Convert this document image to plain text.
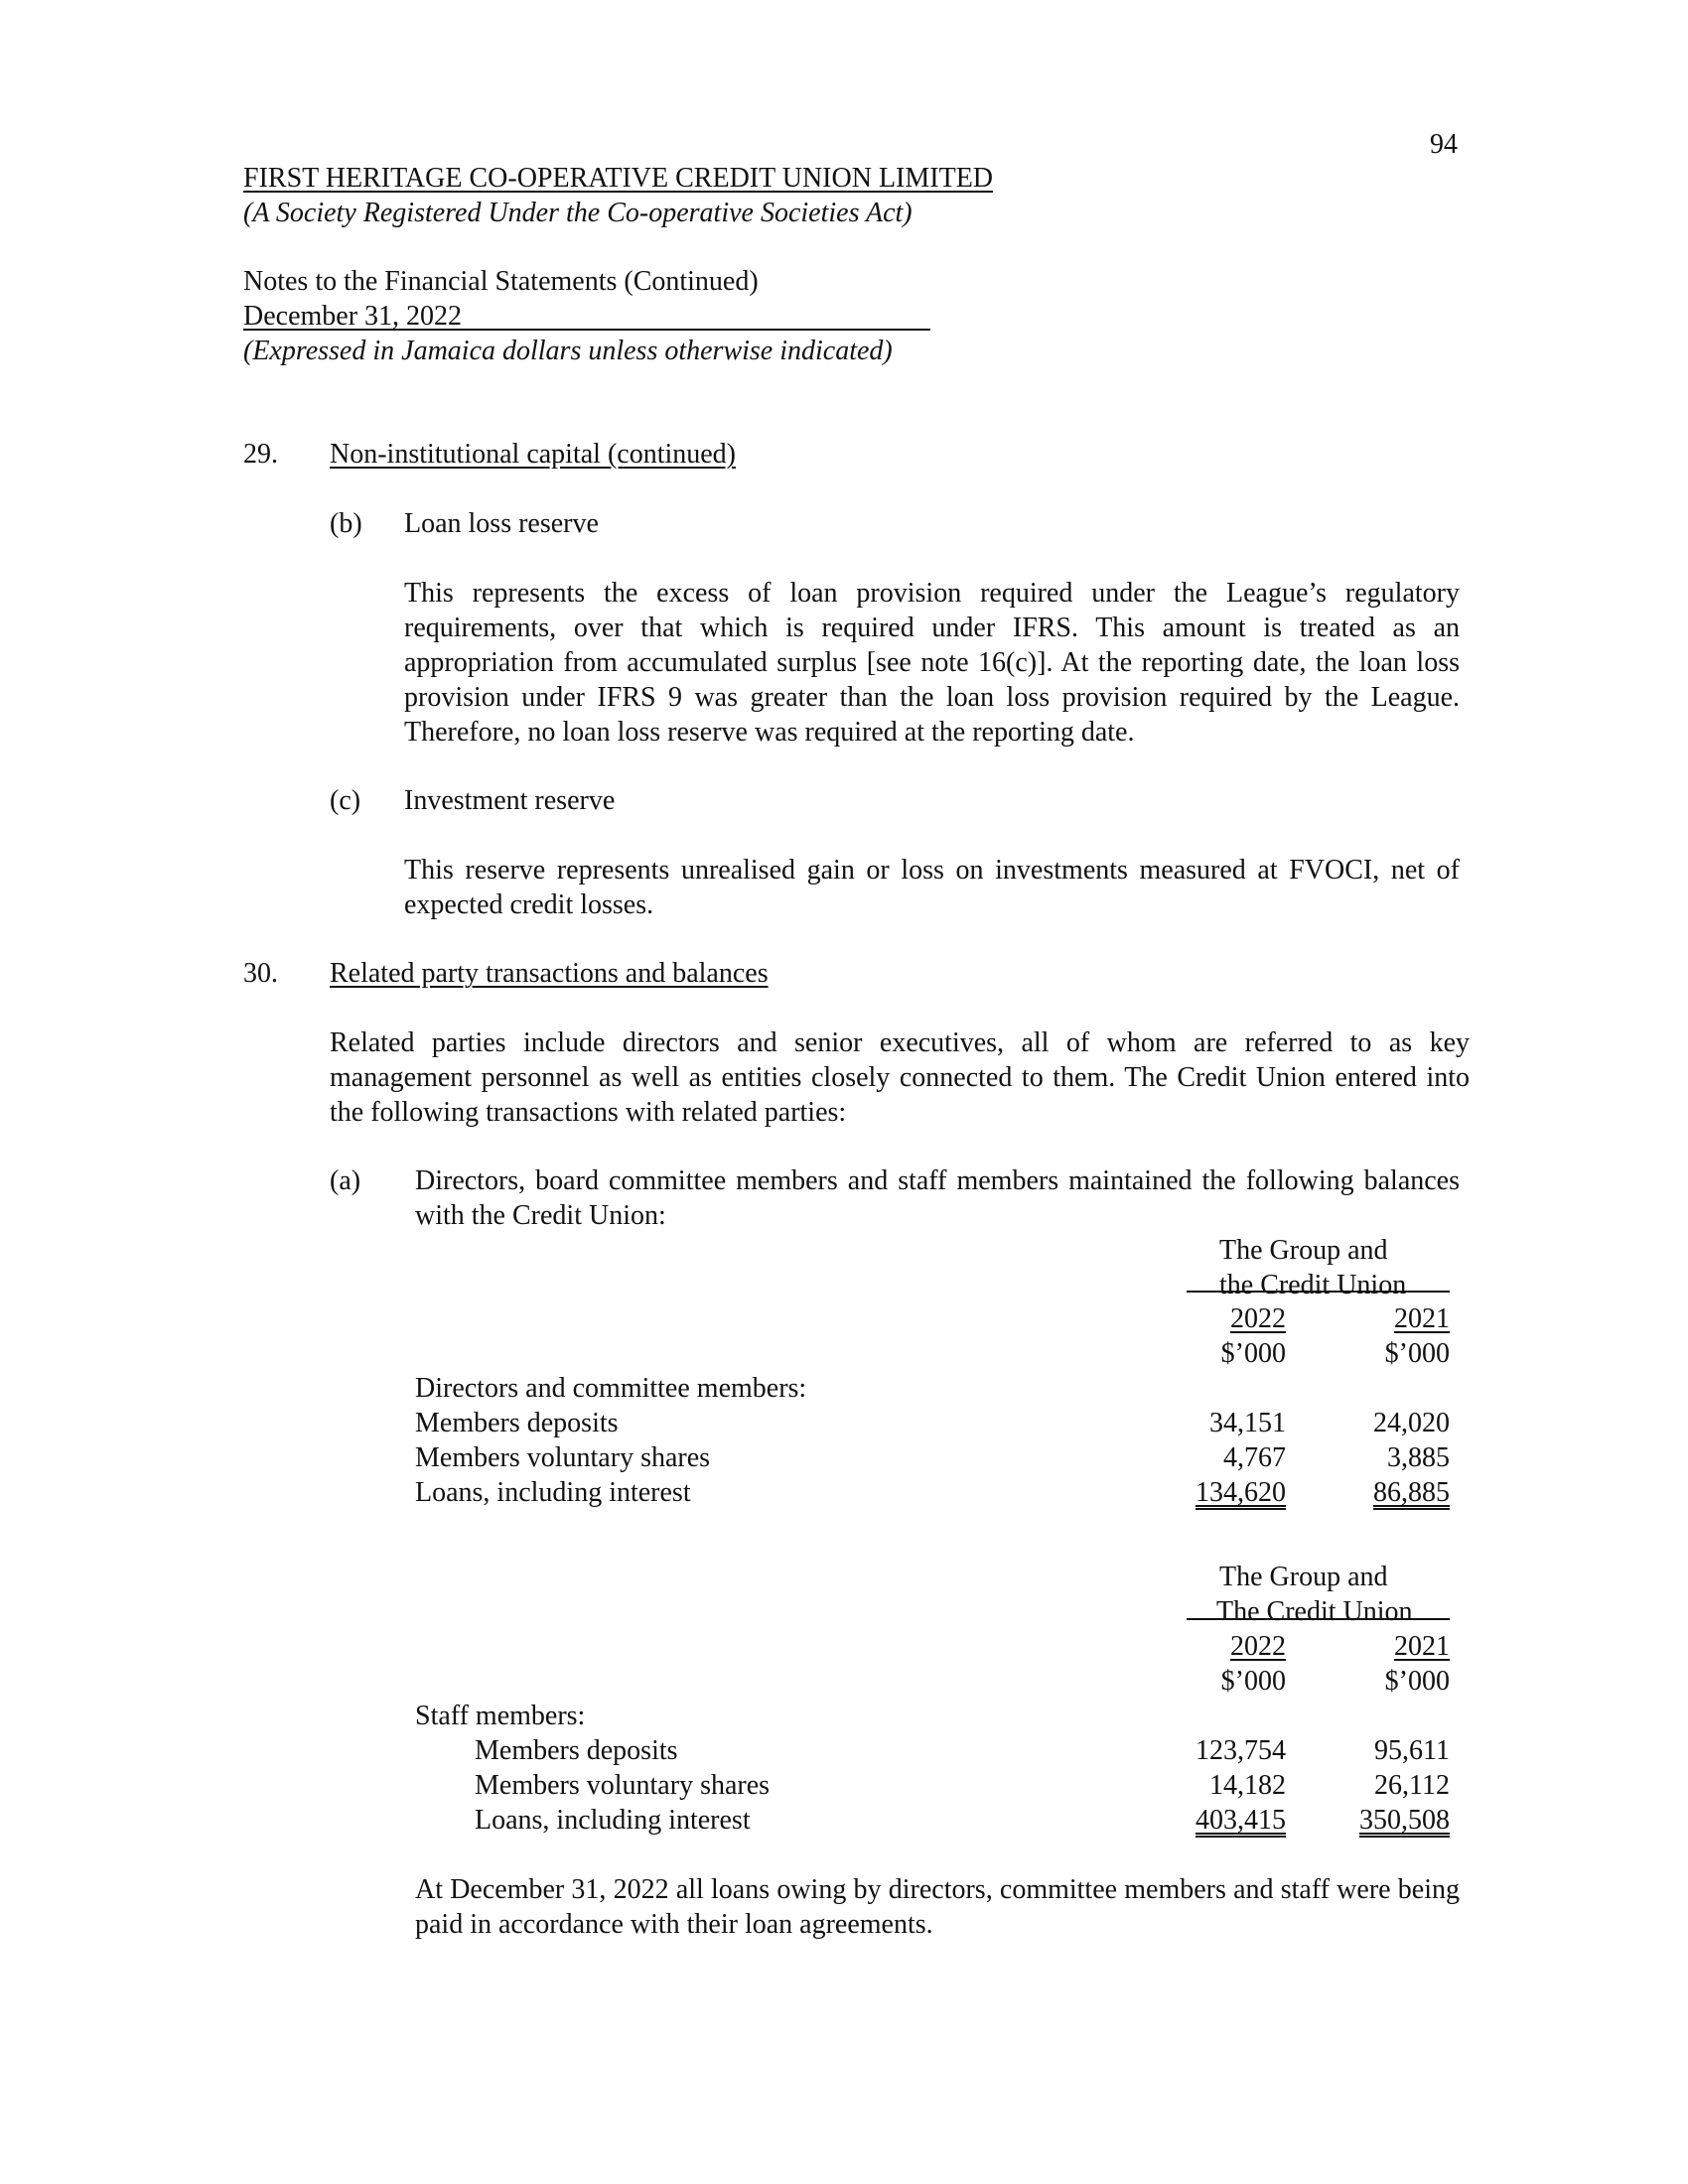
94
FIRST HERITAGE CO-OPERATIVE CREDIT UNION LIMITED
(A Society Registered Under the Co-operative Societies Act)
Notes to the Financial Statements (Continued)
December 31, 2022
(Expressed in Jamaica dollars unless otherwise indicated)
29. Non-institutional capital (continued)
(b) Loan loss reserve
This represents the excess of loan provision required under the League’s regulatory requirements, over that which is required under IFRS. This amount is treated as an appropriation from accumulated surplus [see note 16(c)]. At the reporting date, the loan loss provision under IFRS 9 was greater than the loan loss provision required by the League. Therefore, no loan loss reserve was required at the reporting date.
(c) Investment reserve
This reserve represents unrealised gain or loss on investments measured at FVOCI, net of expected credit losses.
30. Related party transactions and balances
Related parties include directors and senior executives, all of whom are referred to as key management personnel as well as entities closely connected to them. The Credit Union entered into the following transactions with related parties:
(a) Directors, board committee members and staff members maintained the following balances with the Credit Union:
The Group and
the Credit Union
2022	2021
$’000	$’000
Directors and committee members:
Members deposits	34,151	24,020
Members voluntary shares	4,767	3,885
Loans, including interest	134,620	86,885
The Group and
The Credit Union
2022	2021
$’000	$’000
Staff members:
Members deposits	123,754	95,611
Members voluntary shares	14,182	26,112
Loans, including interest	403,415	350,508
At December 31, 2022 all loans owing by directors, committee members and staff were being paid in accordance with their loan agreements.
